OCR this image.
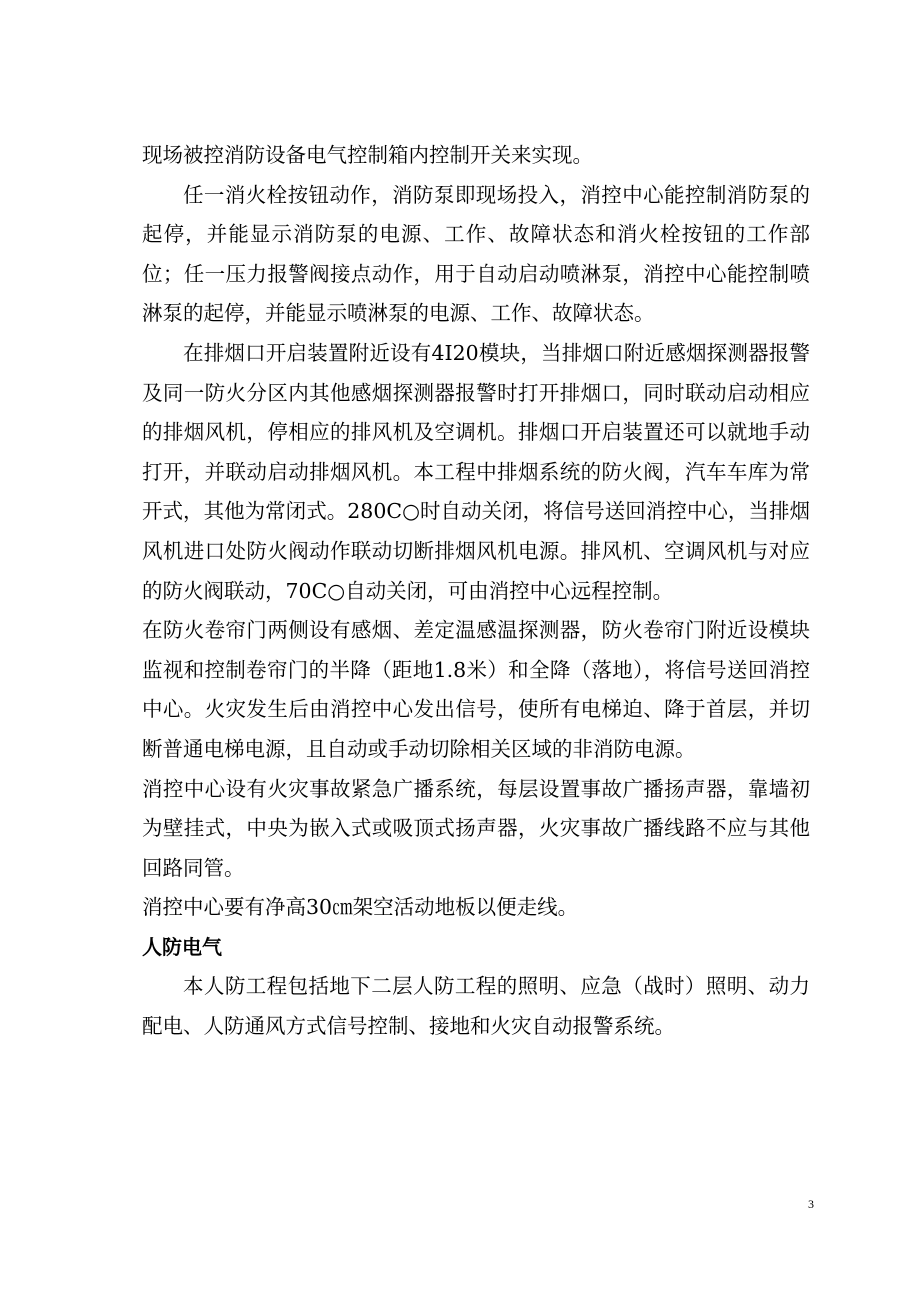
现场被控消防设备电气控制箱内控制开关来实现。

任一消火栓按钮动作，消防泵即现场投入，消控中心能控制消防泵的起停，并能显示消防泵的电源、工作、故障状态和消火栓按钮的工作部位；任一压力报警阀接点动作，用于自动启动喷淋泵，消控中心能控制喷淋泵的起停，并能显示喷淋泵的电源、工作、故障状态。

在排烟口开启装置附近设有4I20模块，当排烟口附近感烟探测器报警及同一防火分区内其他感烟探测器报警时打开排烟口，同时联动启动相应的排烟风机，停相应的排风机及空调机。排烟口开启装置还可以就地手动打开，并联动启动排烟风机。本工程中排烟系统的防火阀，汽车车库为常开式，其他为常闭式。280C○时自动关闭，将信号送回消控中心，当排烟风机进口处防火阀动作联动切断排烟风机电源。排风机、空调风机与对应的防火阀联动，70C○自动关闭，可由消控中心远程控制。

在防火卷帘门两侧设有感烟、差定温感温探测器，防火卷帘门附近设模块监视和控制卷帘门的半降（距地1.8米）和全降（落地），将信号送回消控中心。火灾发生后由消控中心发出信号，使所有电梯迫、降于首层，并切断普通电梯电源，且自动或手动切除相关区域的非消防电源。

消控中心设有火灾事故紧急广播系统，每层设置事故广播扬声器，靠墙初为壁挂式，中央为嵌入式或吸顶式扬声器，火灾事故广播线路不应与其他回路同管。

消控中心要有净高30㎝架空活动地板以便走线。

人防电气

本人防工程包括地下二层人防工程的照明、应急（战时）照明、动力配电、人防通风方式信号控制、接地和火灾自动报警系统。

3
